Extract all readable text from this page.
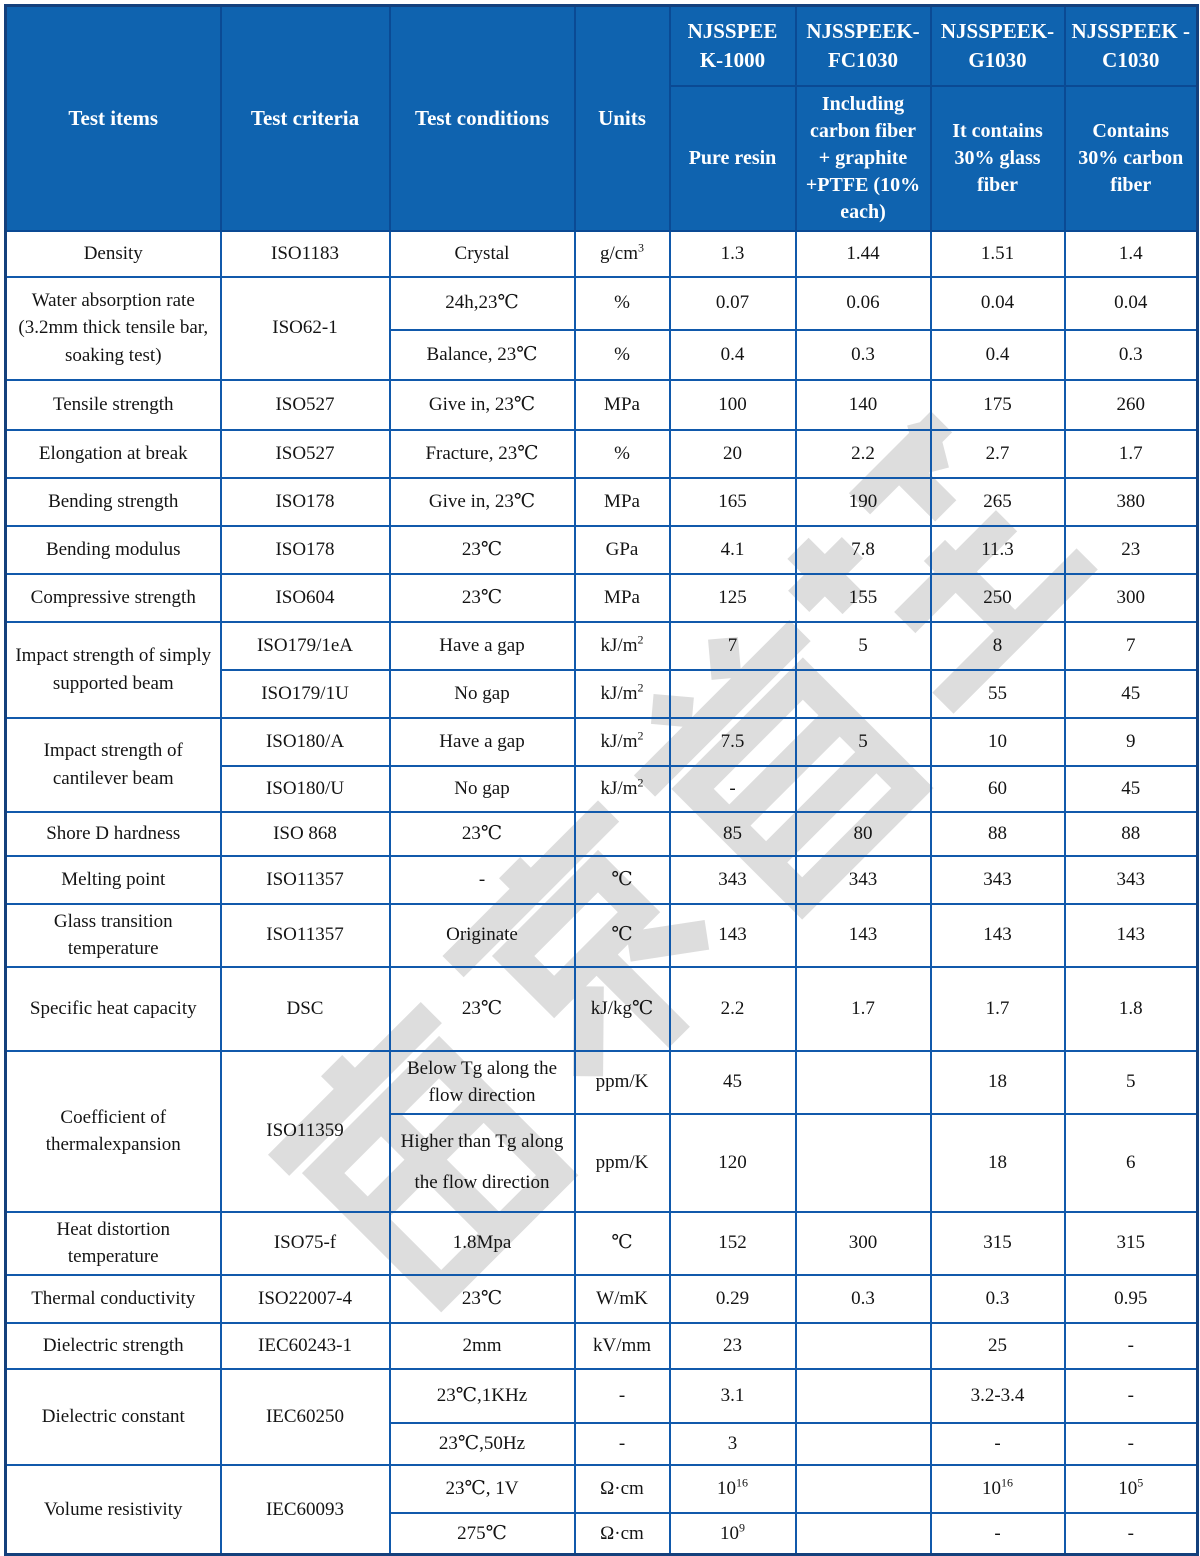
Test items	Test criteria	Test conditions	Units	NJSSPEE K-1000	NJSSPEEK-FC1030	NJSSPEEK-G1030	NJSSPEEK -C1030
				Pure resin	Including carbon fiber + graphite +PTFE (10% each)	It contains 30% glass fiber	Contains 30% carbon fiber
Density	ISO1183	Crystal	$g/cm^3$	1.3	1.44	1.51	1.4
Water absorption rate (3.2mm thick tensile bar, soaking test)	ISO62-1	24h,23℃	%	0.07	0.06	0.04	0.04
		Balance, 23℃	%	0.4	0.3	0.4	0.3
Tensile strength	ISO527	Give in, 23℃	MPa	100	140	175	260
Elongation at break	ISO527	Fracture, 23℃	%	20	2.2	2.7	1.7
Bending strength	ISO178	Give in, 23℃	MPa	165	190	265	380
Bending modulus	ISO178	23℃	GPa	4.1	7.8	11.3	23
Compressive strength	ISO604	23℃	MPa	125	155	250	300
Impact strength of simply supported beam	ISO179/1eA	Have a gap	$kJ/m^2$	7	5	8	7
	ISO179/1U	No gap	$kJ/m^2$			55	45
Impact strength of cantilever beam	ISO180/A	Have a gap	$kJ/m^2$	7.5	5	10	9
	ISO180/U	No gap	$kJ/m^2$	-		60	45
Shore D hardness	ISO 868	23℃		85	80	88	88
Melting point	ISO11357	-	℃	343	343	343	343
Glass transition temperature	ISO11357	Originate	℃	143	143	143	143
Specific heat capacity	DSC	23℃	kJ/kg℃	2.2	1.7	1.7	1.8
Coefficient of thermalexpansion	ISO11359	Below Tg along the flow direction	ppm/K	45		18	5
		Higher than Tg along the flow direction	ppm/K	120		18	6
Heat distortion temperature	ISO75-f	1.8Mpa	℃	152	300	315	315
Thermal conductivity	ISO22007-4	23℃	W/mK	0.29	0.3	0.3	0.95
Dielectric strength	IEC60243-1	2mm	kV/mm	23		25	-
Dielectric constant	IEC60250	23℃,1KHz	-	3.1		3.2-3.4	-
		23℃,50Hz	-	3		-	-
Volume resistivity	IEC60093	23℃, 1V	Ω·cm	$10^{16}$		$10^{16}$	$10^5$
		275℃	Ω·cm	$10^9$		-	-
